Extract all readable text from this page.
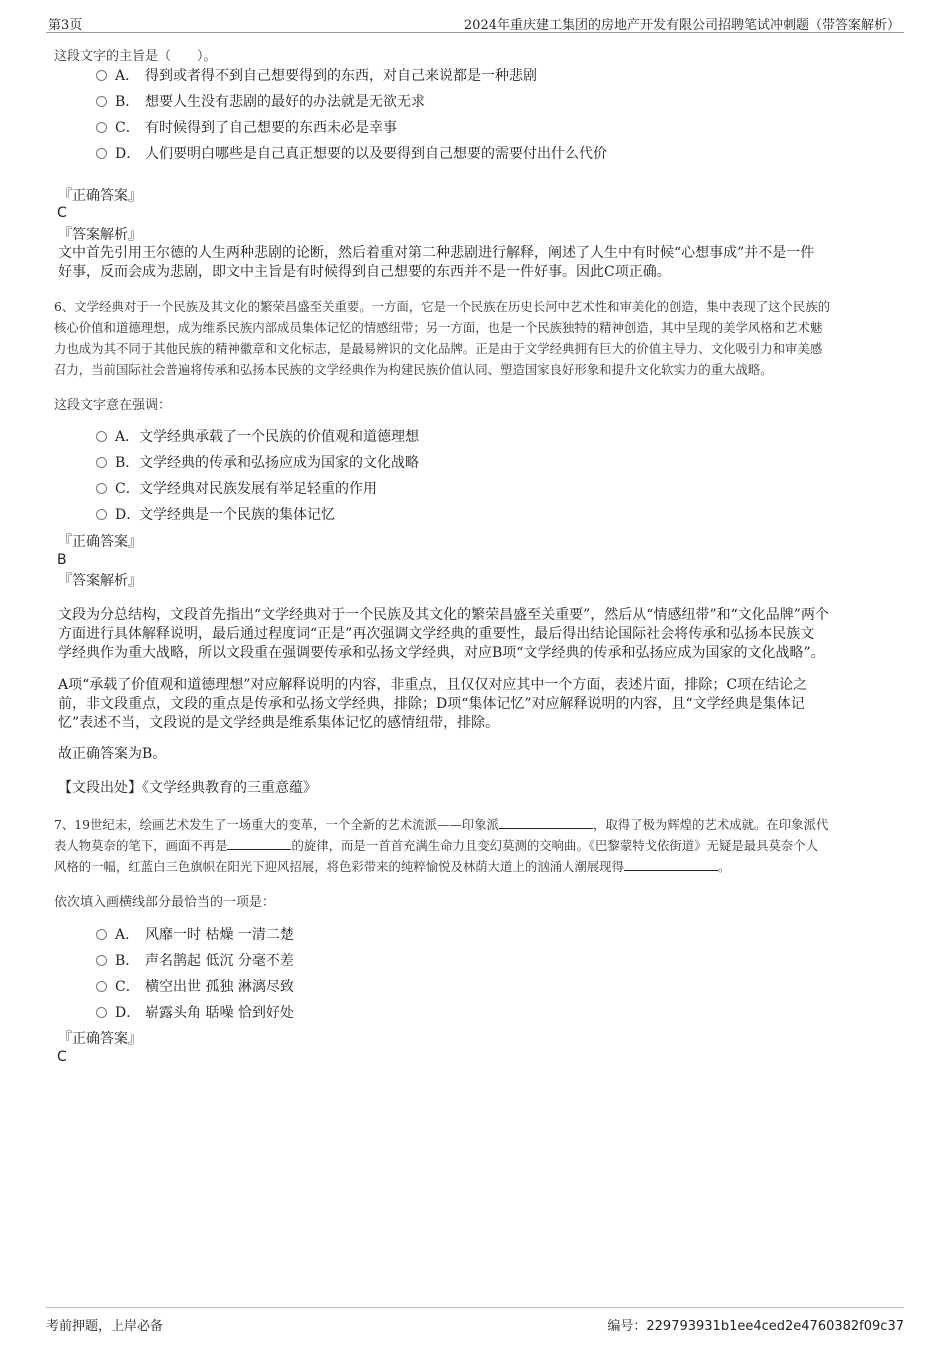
第3页	2024年重庆建工集团的房地产开发有限公司招聘笔试冲刺题（带答案解析）
这段文字的主旨是（　　）。
A． 得到或者得不到自己想要得到的东西，对自己来说都是一种悲剧
B． 想要人生没有悲剧的最好的办法就是无欲无求
C． 有时候得到了自己想要的东西未必是幸事
D． 人们要明白哪些是自己真正想要的以及要得到自己想要的需要付出什么代价
『正确答案』
C
『答案解析』
文中首先引用王尔德的人生两种悲剧的论断，然后着重对第二种悲剧进行解释，阐述了人生中有时候“心想事成”并不是一件
好事，反而会成为悲剧，即文中主旨是有时候得到自己想要的东西并不是一件好事。因此C项正确。
6、文学经典对于一个民族及其文化的繁荣昌盛至关重要。一方面，它是一个民族在历史长河中艺术性和审美化的创造，集中表现了这个民族的
核心价值和道德理想，成为维系民族内部成员集体记忆的情感纽带；另一方面，也是一个民族独特的精神创造，其中呈现的美学风格和艺术魅
力也成为其不同于其他民族的精神徽章和文化标志，是最易辨识的文化品牌。正是由于文学经典拥有巨大的价值主导力、文化吸引力和审美感
召力，当前国际社会普遍将传承和弘扬本民族的文学经典作为构建民族价值认同、塑造国家良好形象和提升文化软实力的重大战略。
这段文字意在强调：
A．文学经典承载了一个民族的价值观和道德理想
B．文学经典的传承和弘扬应成为国家的文化战略
C．文学经典对民族发展有举足轻重的作用
D．文学经典是一个民族的集体记忆
『正确答案』
B
『答案解析』
文段为分总结构，文段首先指出“文学经典对于一个民族及其文化的繁荣昌盛至关重要”，然后从“情感纽带”和“文化品牌”两个
方面进行具体解释说明，最后通过程度词“正是”再次强调文学经典的重要性，最后得出结论国际社会将传承和弘扬本民族文
学经典作为重大战略，所以文段重在强调要传承和弘扬文学经典，对应B项“文学经典的传承和弘扬应成为国家的文化战略”。
A项“承载了价值观和道德理想”对应解释说明的内容，非重点，且仅仅对应其中一个方面，表述片面，排除；C项在结论之
前，非文段重点，文段的重点是传承和弘扬文学经典，排除；D项“集体记忆”对应解释说明的内容，且“文学经典是集体记
忆”表述不当，文段说的是文学经典是维系集体记忆的感情纽带，排除。
故正确答案为B。
【文段出处】《文学经典教育的三重意蕴》
7、19世纪末，绘画艺术发生了一场重大的变革，一个全新的艺术流派——印象派	，取得了极为辉煌的艺术成就。在印象派代
表人物莫奈的笔下，画面不再是	的旋律，而是一首首充满生命力且变幻莫测的交响曲。《巴黎蒙特戈依街道》无疑是最具莫奈个人
风格的一幅，红蓝白三色旗帜在阳光下迎风招展，将色彩带来的纯粹愉悦及林荫大道上的汹涌人潮展现得	。
依次填入画横线部分最恰当的一项是：
A． 风靡一时 枯燥 一清二楚
B． 声名鹊起 低沉 分毫不差
C． 横空出世 孤独 淋漓尽致
D． 崭露头角 聒噪 恰到好处
『正确答案』
C
考前押题，上岸必备	编号：229793931b1ee4ced2e4760382f09c37
